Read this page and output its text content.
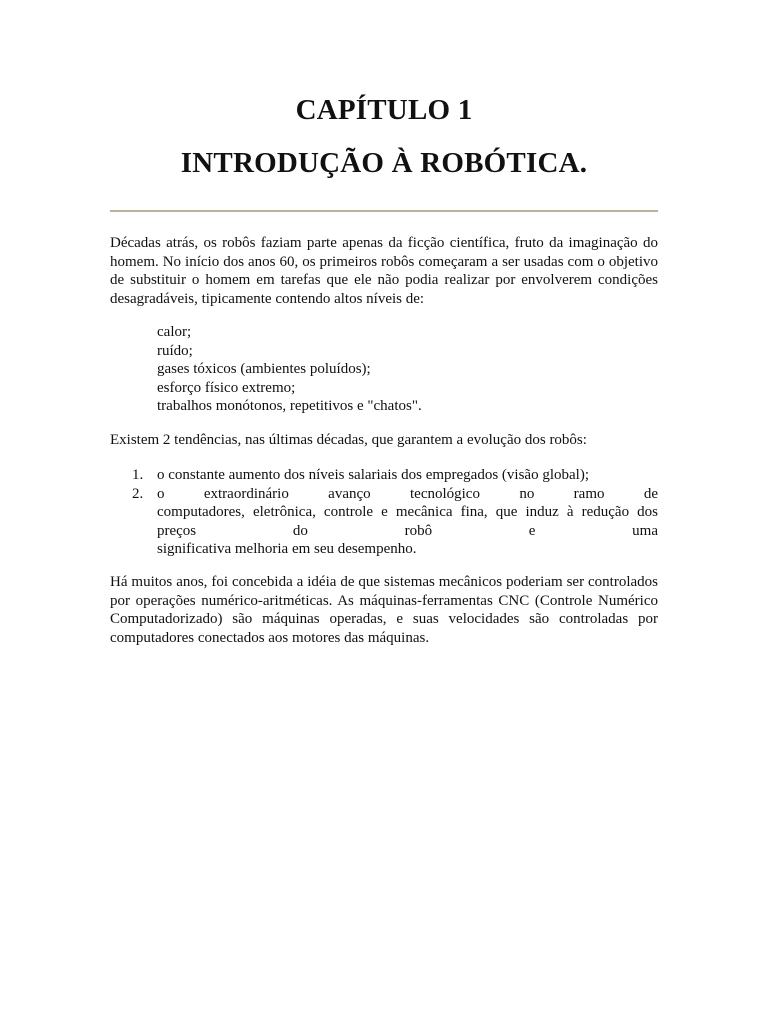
CAPÍTULO 1
INTRODUÇÃO À ROBÓTICA.

Décadas atrás, os robôs faziam parte apenas da ficção científica, fruto da imaginação do homem. No início dos anos 60, os primeiros robôs começaram a ser usadas com o objetivo de substituir o homem em tarefas que ele não podia realizar por envolverem condições desagradáveis, tipicamente contendo altos níveis de:

calor;
ruído;
gases tóxicos (ambientes poluídos);
esforço físico extremo;
trabalhos monótonos, repetitivos e "chatos".

Existem 2 tendências, nas últimas décadas, que garantem a evolução dos robôs:

1. o constante aumento dos níveis salariais dos empregados (visão global);
2. o extraordinário avanço tecnológico no ramo de
computadores, eletrônica, controle e mecânica fina, que induz à redução dos
preços do robô e uma
significativa melhoria em seu desempenho.

Há muitos anos, foi concebida a idéia de que sistemas mecânicos poderiam ser controlados por operações numérico-aritméticas. As máquinas-ferramentas CNC (Controle Numérico Computadorizado) são máquinas operadas, e suas velocidades são controladas por computadores conectados aos motores das máquinas.
